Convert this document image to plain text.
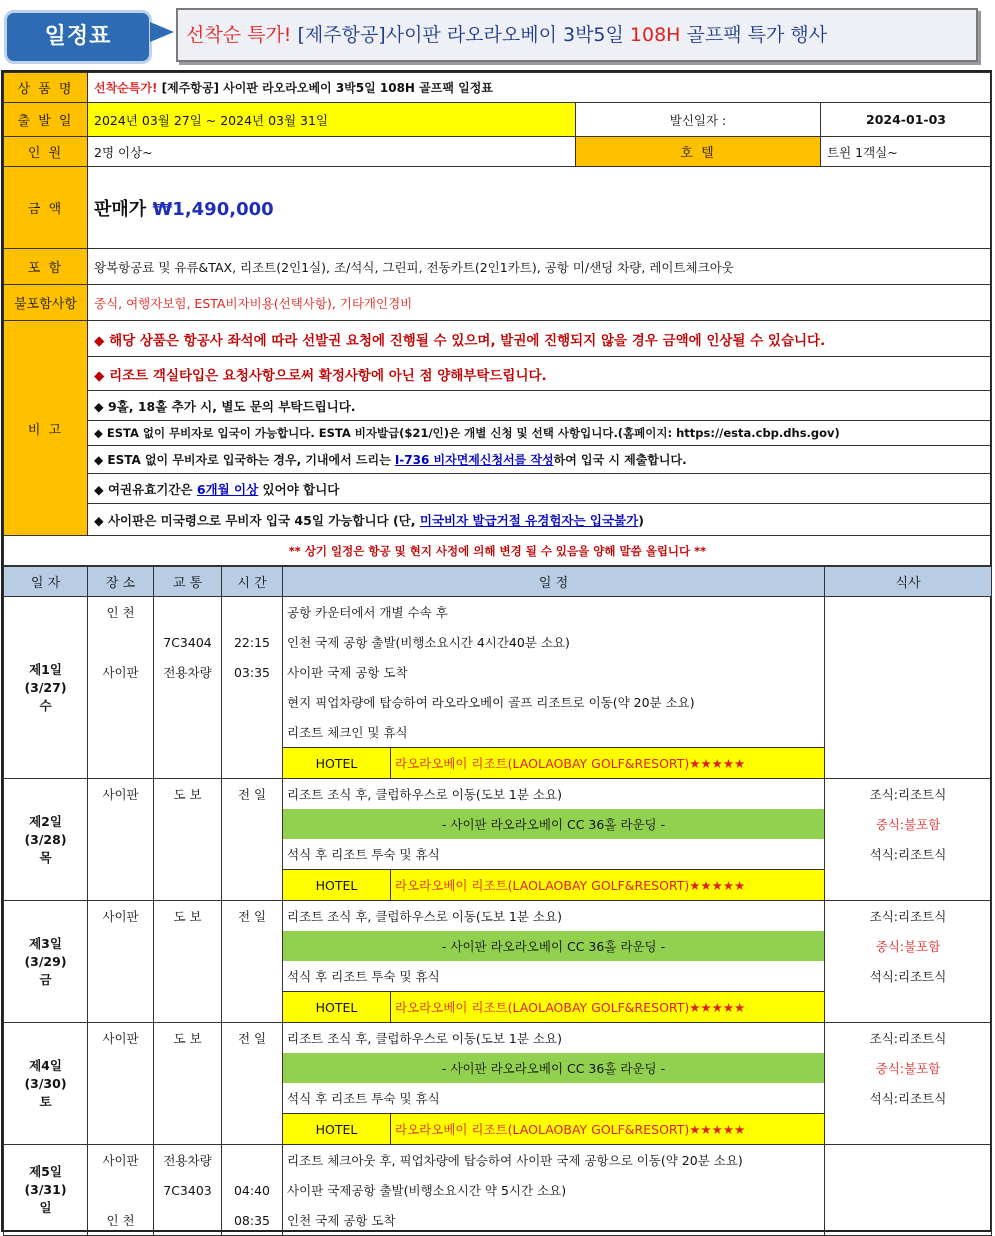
일정표	선착순 특가! [제주항공]사이판 라오라오베이 3박5일 108H 골프팩 특가 행사
상 품 명	선착순특가! [제주항공] 사이판 라오라오베이 3박5일 108H 골프팩 일정표		
출 발 일	2024년 03월 27일 ~ 2024년 03월 31일	발신일자 :	2024-01-03
인 원	2명 이상~	호 텔	트윈 1객실~
금 액	판매가 ₩1,490,000		
포 함	왕복항공료 및 유류&TAX, 리조트(2인1실), 조/석식, 그린피, 전동카트(2인1카트), 공항 미/샌딩 차량, 레이트체크아웃		
불포함사항	중식, 여행자보험, ESTA비자비용(선택사항), 기타개인경비		
비 고	◆ 해당 상품은 항공사 좌석에 따라 선발권 요청에 진행될 수 있으며, 발권에 진행되지 않을 경우 금액에 인상될 수 있습니다.		
	◆ 리조트 객실타입은 요청사항으로써 확정사항에 아닌 점 양해부탁드립니다.		
	◆ 9홀, 18홀 추가 시, 별도 문의 부탁드립니다.		
	◆ ESTA 없이 무비자로 입국이 가능합니다. ESTA 비자발급($21/인)은 개별 신청 및 선택 사항입니다.(홈페이지: https://esta.cbp.dhs.gov)		
	◆ ESTA 없이 무비자로 입국하는 경우, 기내에서 드리는 I-736 비자면제신청서를 작성하여 입국 시 제출합니다.		
	◆ 여권유효기간은 6개월 이상 있어야 합니다		
	◆ 사이판은 미국령으로 무비자 입국 45일 가능합니다 (단, 미국비자 발급거절 유경험자는 입국불가)		
** 상기 일정은 항공 및 현지 사정에 의해 변경 될 수 있음을 양해 말씀 올립니다 **			
일 자	장 소	교 통	시 간	일 정		식사

제1일
(3/27)
수	인 천			공항 카운터에서 개별 수속 후		
		7C3404	22:15	인천 국제 공항 출발(비행소요시간 4시간40분 소요)		
	사이판	전용차량	03:35	사이판 국제 공항 도착		
				현지 픽업차량에 탑승하여 라오라오베이 골프 리조트로 이동(약 20분 소요)		
				리조트 체크인 및 휴식		
				HOTEL	라오라오베이 리조트(LAOLAOBAY GOLF&RESORT)★★★★★	

제2일
(3/28)
목	사이판	도 보	전 일	리조트 조식 후, 클럽하우스로 이동(도보 1분 소요)		조식:리조트식
				- 사이판 라오라오베이 CC 36홀 라운딩 -		중식:불포함
				석식 후 리조트 투숙 및 휴식		석식:리조트식
				HOTEL	라오라오베이 리조트(LAOLAOBAY GOLF&RESORT)★★★★★	

제3일
(3/29)
금	사이판	도 보	전 일	리조트 조식 후, 클럽하우스로 이동(도보 1분 소요)		조식:리조트식
				- 사이판 라오라오베이 CC 36홀 라운딩 -		중식:불포함
				석식 후 리조트 투숙 및 휴식		석식:리조트식
				HOTEL	라오라오베이 리조트(LAOLAOBAY GOLF&RESORT)★★★★★	

제4일
(3/30)
토	사이판	도 보	전 일	리조트 조식 후, 클럽하우스로 이동(도보 1분 소요)		조식:리조트식
				- 사이판 라오라오베이 CC 36홀 라운딩 -		중식:불포함
				석식 후 리조트 투숙 및 휴식		석식:리조트식
				HOTEL	라오라오베이 리조트(LAOLAOBAY GOLF&RESORT)★★★★★	

제5일
(3/31)
일	사이판	전용차량		리조트 체크아웃 후, 픽업차량에 탑승하여 사이판 국제 공항으로 이동(약 20분 소요)		
		7C3403	04:40	사이판 국제공항 출발(비행소요시간 약 5시간 소요)		
	인 천		08:35	인천 국제 공항 도착		
